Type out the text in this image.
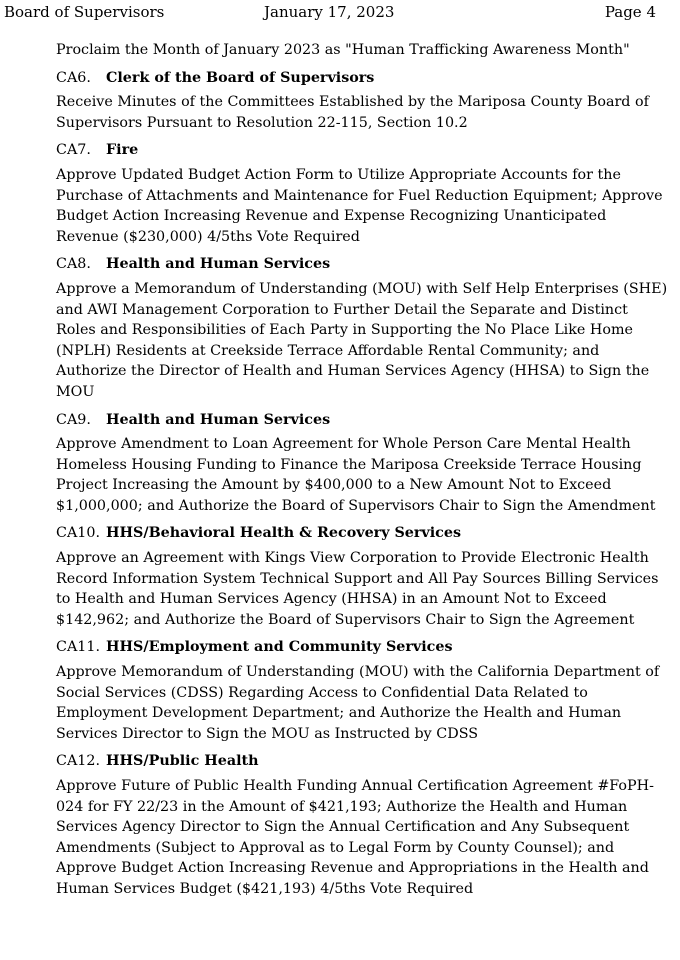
Board of Supervisors	January 17, 2023	Page 4

Proclaim the Month of January 2023 as "Human Trafficking Awareness Month"

CA6. Clerk of the Board of Supervisors

Receive Minutes of the Committees Established by the Mariposa County Board of Supervisors Pursuant to Resolution 22-115, Section 10.2

CA7. Fire

Approve Updated Budget Action Form to Utilize Appropriate Accounts for the Purchase of Attachments and Maintenance for Fuel Reduction Equipment; Approve Budget Action Increasing Revenue and Expense Recognizing Unanticipated Revenue ($230,000) 4/5ths Vote Required

CA8. Health and Human Services

Approve a Memorandum of Understanding (MOU) with Self Help Enterprises (SHE) and AWI Management Corporation to Further Detail the Separate and Distinct Roles and Responsibilities of Each Party in Supporting the No Place Like Home (NPLH) Residents at Creekside Terrace Affordable Rental Community; and Authorize the Director of Health and Human Services Agency (HHSA) to Sign the MOU

CA9. Health and Human Services

Approve Amendment to Loan Agreement for Whole Person Care Mental Health Homeless Housing Funding to Finance the Mariposa Creekside Terrace Housing Project Increasing the Amount by $400,000 to a New Amount Not to Exceed $1,000,000; and Authorize the Board of Supervisors Chair to Sign the Amendment

CA10. HHS/Behavioral Health & Recovery Services

Approve an Agreement with Kings View Corporation to Provide Electronic Health Record Information System Technical Support and All Pay Sources Billing Services to Health and Human Services Agency (HHSA) in an Amount Not to Exceed $142,962; and Authorize the Board of Supervisors Chair to Sign the Agreement

CA11. HHS/Employment and Community Services

Approve Memorandum of Understanding (MOU) with the California Department of Social Services (CDSS) Regarding Access to Confidential Data Related to Employment Development Department; and Authorize the Health and Human Services Director to Sign the MOU as Instructed by CDSS

CA12. HHS/Public Health

Approve Future of Public Health Funding Annual Certification Agreement #FoPH-024 for FY 22/23 in the Amount of $421,193; Authorize the Health and Human Services Agency Director to Sign the Annual Certification and Any Subsequent Amendments (Subject to Approval as to Legal Form by County Counsel); and Approve Budget Action Increasing Revenue and Appropriations in the Health and Human Services Budget ($421,193) 4/5ths Vote Required
